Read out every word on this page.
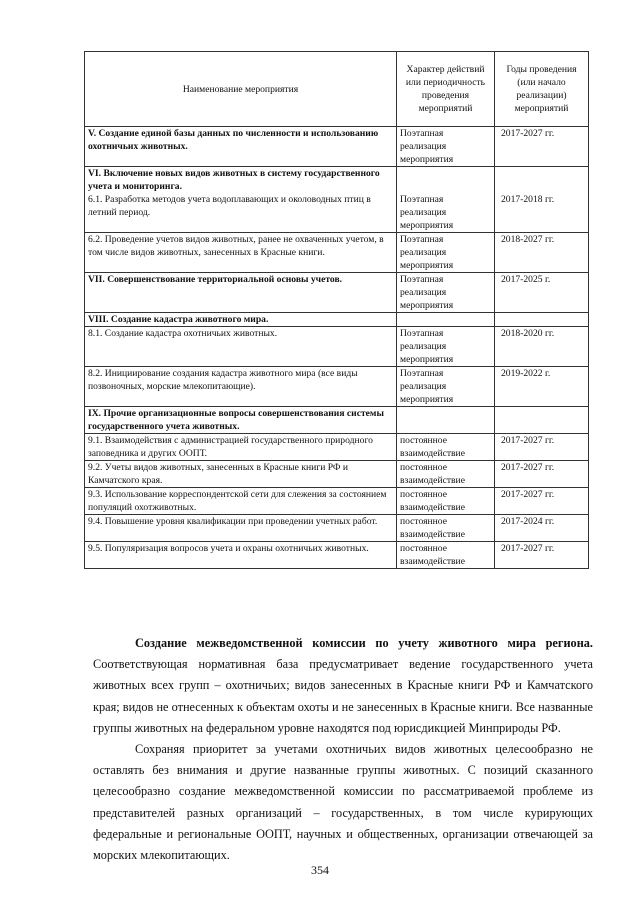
Наименование мероприятия	Характер действий или периодичность проведения мероприятий	Годы проведения (или начало реализации) мероприятий

V. Создание единой базы данных по численности и использованию охотничьих животных.	Поэтапная реализация мероприятия	2017-2027 гг.

VI. Включение новых видов животных в систему государственного учета и мониторинга.
6.1. Разработка методов учета водоплавающих и околоводных птиц в летний период.	Поэтапная реализация мероприятия	2017-2018 гг.

6.2. Проведение учетов видов животных, ранее не охваченных учетом, в том числе видов животных, занесенных в Красные книги.	Поэтапная реализация мероприятия	2018-2027 гг.

VII. Совершенствование территориальной основы учетов.	Поэтапная реализация мероприятия	2017-2025 г.

VIII. Создание кадастра животного мира.		

8.1. Создание кадастра охотничьих животных.	Поэтапная реализация мероприятия	2018-2020 гг.

8.2. Инициирование создания кадастра животного мира (все виды позвоночных, морские млекопитающие).	Поэтапная реализация мероприятия	2019-2022 г.

IX. Прочие организационные вопросы совершенствования системы государственного учета животных.		

9.1. Взаимодействия с администрацией государственного природного заповедника и других ООПТ.	постоянное взаимодействие	2017-2027 гг.

9.2. Учеты видов животных, занесенных в Красные книги РФ и Камчатского края.	постоянное взаимодействие	2017-2027 гг.

9.3. Использование корреспондентской сети для слежения за состоянием популяций охотживотных.	постоянное взаимодействие	2017-2027 гг.

9.4. Повышение уровня квалификации при проведении учетных работ.	постоянное взаимодействие	2017-2024 гг.

9.5. Популяризация вопросов учета и охраны охотничьих животных.	постоянное взаимодействие	2017-2027 гг.

Создание межведомственной комиссии по учету животного мира региона. Соответствующая нормативная база предусматривает ведение государственного учета животных всех групп – охотничьих; видов занесенных в Красные книги РФ и Камчатского края; видов не отнесенных к объектам охоты и не занесенных в Красные книги. Все названные группы животных на федеральном уровне находятся под юрисдикцией Минприроды РФ.

Сохраняя приоритет за учетами охотничьих видов животных целесообразно не оставлять без внимания и другие названные группы животных. С позиций сказанного целесообразно создание межведомственной комиссии по рассматриваемой проблеме из представителей разных организаций – государственных, в том числе курирующих федеральные и региональные ООПТ, научных и общественных, организации отвечающей за морских млекопитающих.

354
